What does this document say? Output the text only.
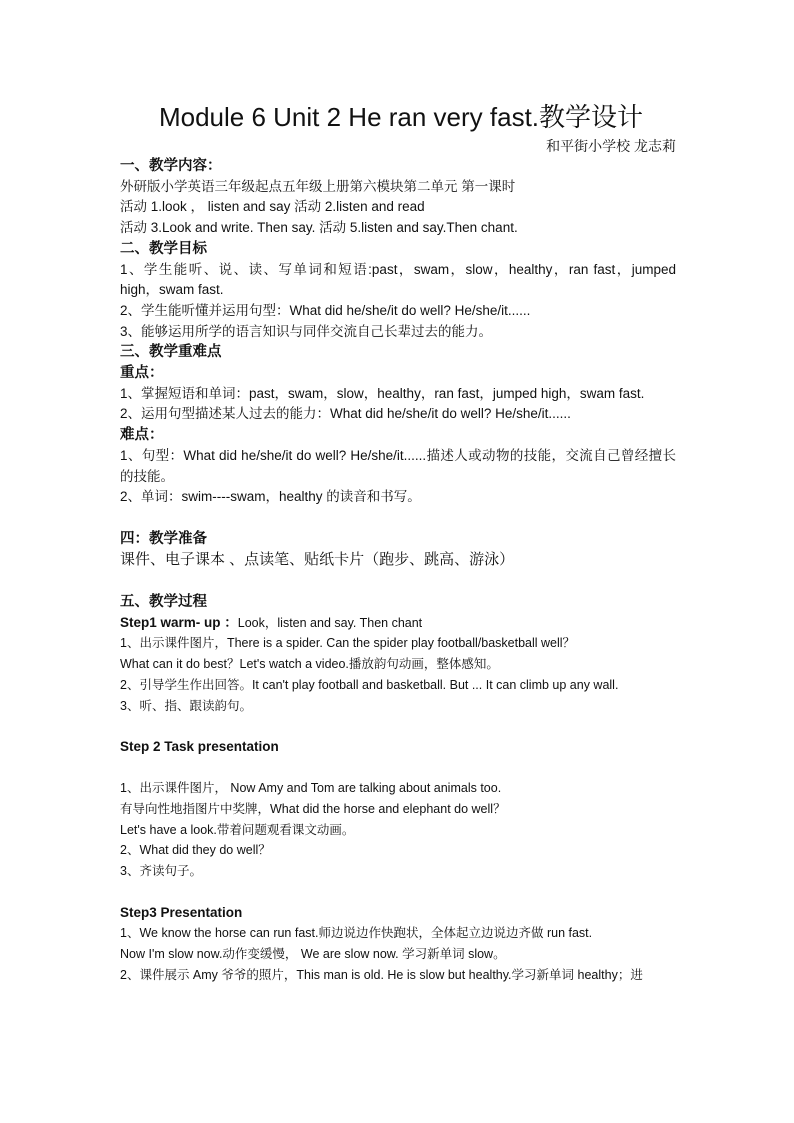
Module 6 Unit 2 He ran very fast.教学设计

和平街小学校 龙志莉

一、教学内容：

外研版小学英语三年级起点五年级上册第六模块第二单元 第一课时

活动 1.look ， listen and say 活动 2.listen and read

活动 3.Look and write. Then say. 活动 5.listen and say.Then chant.

二、教学目标

1、学生能听、说、读、写单词和短语:past，swam，slow，healthy，ran fast，jumped high，swam fast.

2、学生能听懂并运用句型：What did he/she/it do well? He/she/it......

3、能够运用所学的语言知识与同伴交流自己长辈过去的能力。

三、教学重难点

重点：

1、掌握短语和单词：past，swam，slow，healthy，ran fast，jumped high，swam fast.

2、运用句型描述某人过去的能力：What did he/she/it do well? He/she/it......

难点：

1、句型：What did he/she/it do well? He/she/it......描述人或动物的技能，交流自己曾经擅长的技能。

2、单词：swim----swam，healthy 的读音和书写。

四：教学准备

课件、电子课本 、点读笔、贴纸卡片（跑步、跳高、游泳）

五、教学过程

Step1 warm- up ：Look，listen and say. Then chant

1、出示课件图片，There is a spider. Can the spider play football/basketball well？

What can it do best？Let's watch a video.播放韵句动画，整体感知。

2、引导学生作出回答。It can't play football and basketball. But ... It can climb up any wall.

3、听、指、跟读韵句。

Step 2 Task presentation

1、出示课件图片， Now Amy and Tom are talking about animals too.

有导向性地指图片中奖牌，What did the horse and elephant do well？

Let's have a look.带着问题观看课文动画。

2、What did they do well？

3、齐读句子。

Step3 Presentation

1、We know the horse can run fast.师边说边作快跑状，全体起立边说边齐做 run fast.

Now I'm slow now.动作变缓慢， We are slow now. 学习新单词 slow。

2、课件展示 Amy 爷爷的照片，This man is old. He is slow but healthy.学习新单词 healthy；进
